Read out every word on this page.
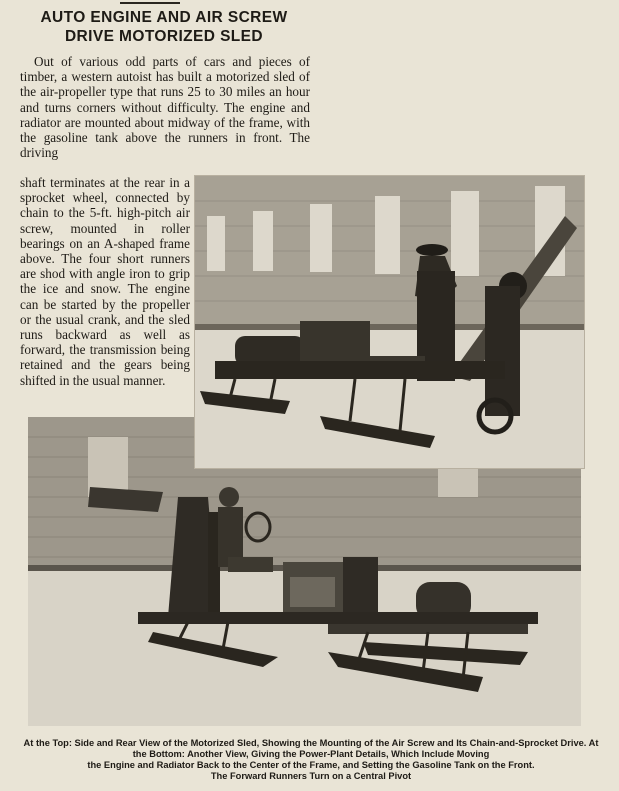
AUTO ENGINE AND AIR SCREW
DRIVE MOTORIZED SLED

Out of various odd parts of cars and pieces of timber, a western autoist has built a motorized sled of the air-propeller type that runs 25 to 30 miles an hour and turns corners without difficulty. The engine and radiator are mounted about midway of the frame, with the gasoline tank above the runners in front. The driving

shaft terminates at the rear in a sprocket wheel, connected by chain to the 5-ft. high-pitch air screw, mounted in roller bearings on an A-shaped frame above. The four short runners are shod with angle iron to grip the ice and snow. The engine can be started by the propeller or the usual crank, and the sled runs backward as well as forward, the transmission being retained and the gears being shifted in the usual manner.

At the Top: Side and Rear View of the Motorized Sled, Showing the Mounting of the Air Screw and Its Chain-and-Sprocket Drive. At the Bottom: Another View, Giving the Power-Plant Details, Which Include Moving

the Engine and Radiator Back to the Center of the Frame, and Setting the Gasoline Tank on the Front.

The Forward Runners Turn on a Central Pivot
